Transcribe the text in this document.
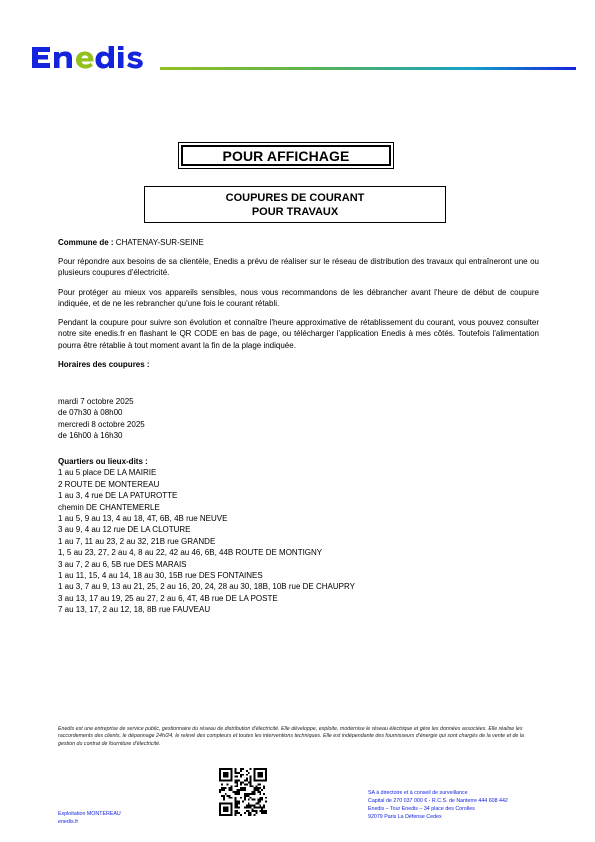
POUR AFFICHAGE
COUPURES DE COURANT
POUR TRAVAUX
Commune de : CHATENAY-SUR-SEINE
Pour répondre aux besoins de sa clientèle, Enedis a prévu de réaliser sur le réseau de distribution des travaux qui entraîneront une ou plusieurs coupures d'électricité.
Pour protéger au mieux vos appareils sensibles, nous vous recommandons de les débrancher avant l'heure de début de coupure indiquée, et de ne les rebrancher qu'une fois le courant rétabli.
Pendant la coupure pour suivre son évolution et connaître l'heure approximative de rétablissement du courant, vous pouvez consulter notre site enedis.fr en flashant le QR CODE en bas de page, ou télécharger l'application Enedis à mes côtés. Toutefois l'alimentation pourra être rétablie à tout moment avant la fin de la plage indiquée.
Horaires des coupures :
mardi 7 octobre 2025
de 07h30 à 08h00
mercredi 8 octobre 2025
de 16h00 à 16h30
Quartiers ou lieux-dits :
1 au 5 place DE LA MAIRIE
2 ROUTE DE MONTEREAU
1 au 3, 4 rue DE LA PATUROTTE
chemin DE CHANTEMERLE
1 au 5, 9 au 13, 4 au 18, 4T, 6B, 4B rue NEUVE
3 au 9, 4 au 12 rue DE LA CLOTURE
1 au 7, 11 au 23, 2 au 32, 21B rue GRANDE
1, 5 au 23, 27, 2 au 4, 8 au 22, 42 au 46, 6B, 44B ROUTE DE MONTIGNY
3 au 7, 2 au 6, 5B rue DES MARAIS
1 au 11, 15, 4 au 14, 18 au 30, 15B rue DES FONTAINES
1 au 3, 7 au 9, 13 au 21, 25, 2 au 16, 20, 24, 28 au 30, 18B, 10B rue DE CHAUPRY
3 au 13, 17 au 19, 25 au 27, 2 au 6, 4T, 4B rue DE LA POSTE
7 au 13, 17, 2 au 12, 18, 8B rue FAUVEAU
Enedis est une entreprise de service public, gestionnaire du réseau de distribution d'électricité. Elle développe, exploite, modernise le réseau électrique et gère les données associées. Elle réalise les raccordements des clients, le dépannage 24h/24, le relevé des compteurs et toutes les interventions techniques. Elle est indépendante des fournisseurs d'énergie qui sont chargés de la vente et de la gestion du contrat de fourniture d'électricité.
Exploitation MONTEREAU
enedis.fr
SA à directoire et à conseil de surveillance
Capital de 270 037 000 € - R.C.S. de Nanterre 444 608 442
Enedis – Tour Enedis – 34 place des Corolles
92079 Paris La Défense Cedex
